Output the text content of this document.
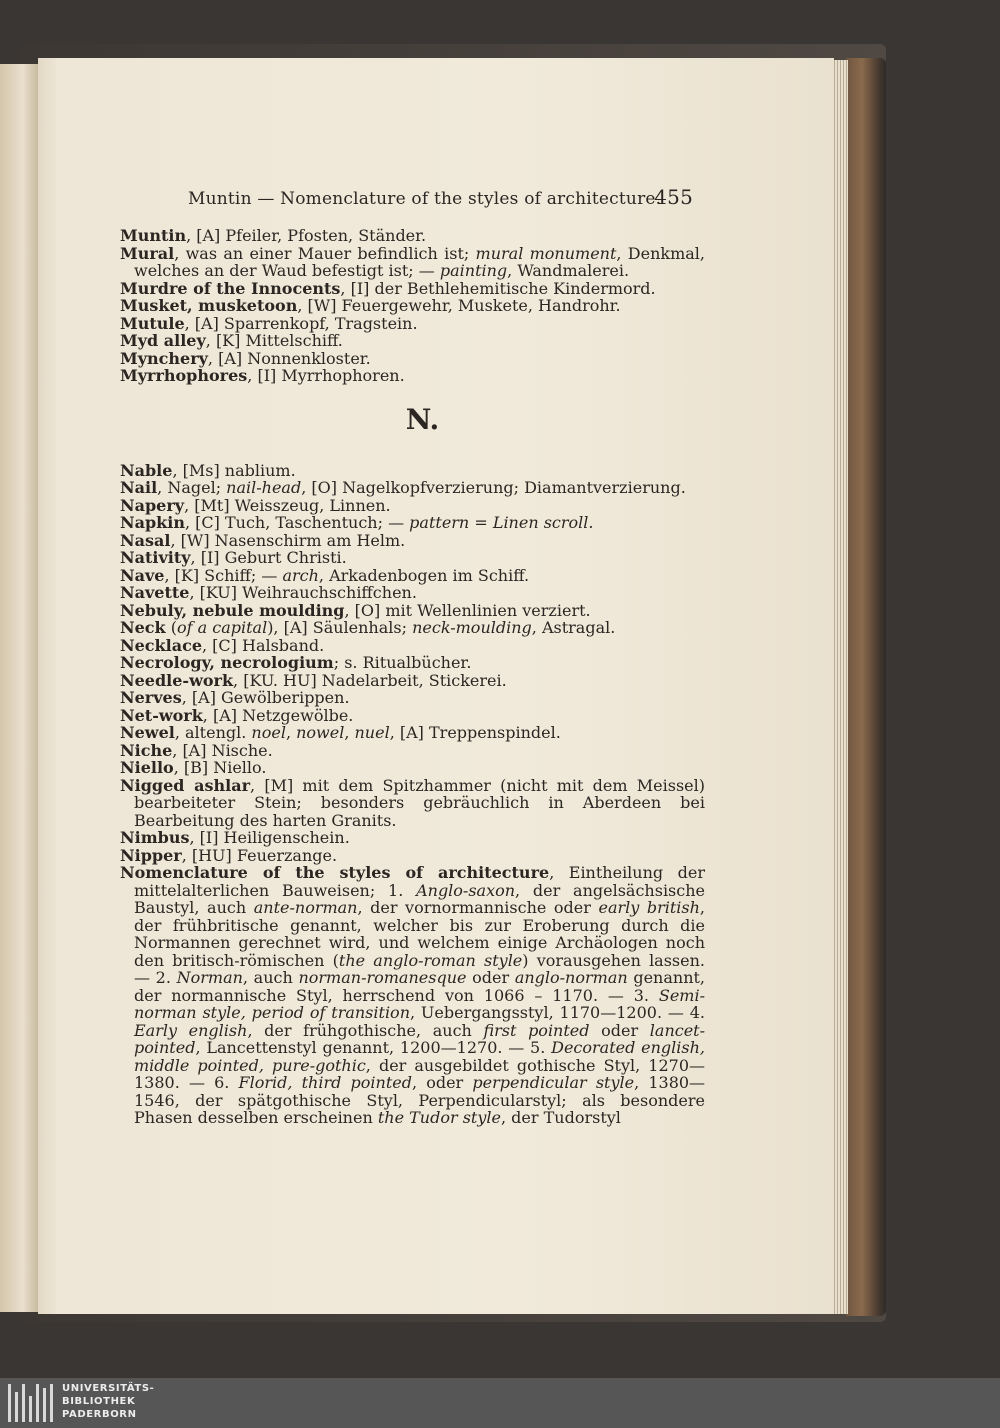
Muntin — Nomenclature of the styles of architecture.
455

Muntin, [A] Pfeiler, Pfosten, Ständer.

Mural, was an einer Mauer befindlich ist; mural monument, Denkmal, welches an der Waud befestigt ist; — painting, Wandmalerei.

Murdre of the Innocents, [I] der Bethlehemitische Kindermord.

Musket, musketoon, [W] Feuergewehr, Muskete, Handrohr.

Mutule, [A] Sparrenkopf, Tragstein.

Myd alley, [K] Mittelschiff.

Mynchery, [A] Nonnenkloster.

Myrrhophores, [I] Myrrhophoren.

N.

Nable, [Ms] nablium.

Nail, Nagel; nail-head, [O] Nagelkopfverzierung; Diamantverzierung.

Napery, [Mt] Weisszeug, Linnen.

Napkin, [C] Tuch, Taschentuch; — pattern = Linen scroll.

Nasal, [W] Nasenschirm am Helm.

Nativity, [I] Geburt Christi.

Nave, [K] Schiff; — arch, Arkadenbogen im Schiff.

Navette, [KU] Weihrauchschiffchen.

Nebuly, nebule moulding, [O] mit Wellenlinien verziert.

Neck (of a capital), [A] Säulenhals; neck-moulding, Astragal.

Necklace, [C] Halsband.

Necrology, necrologium; s. Ritualbücher.

Needle-work, [KU. HU] Nadelarbeit, Stickerei.

Nerves, [A] Gewölberippen.

Net-work, [A] Netzgewölbe.

Newel, altengl. noel, nowel, nuel, [A] Treppenspindel.

Niche, [A] Nische.

Niello, [B] Niello.

Nigged ashlar, [M] mit dem Spitzhammer (nicht mit dem Meissel) bearbeiteter Stein; besonders gebräuchlich in Aberdeen bei Bearbeitung des harten Granits.

Nimbus, [I] Heiligenschein.

Nipper, [HU] Feuerzange.

Nomenclature of the styles of architecture, Eintheilung der mittelalterlichen Bauweisen; 1. Anglo-saxon, der angelsächsische Baustyl, auch ante-norman, der vornormannische oder early british, der frühbritische genannt, welcher bis zur Eroberung durch die Normannen gerechnet wird, und welchem einige Archäologen noch den britisch-römischen (the anglo-roman style) vorausgehen lassen. — 2. Norman, auch norman-romanesque oder anglo-norman genannt, der normannische Styl, herrschend von 1066 – 1170. — 3. Semi-norman style, period of transition, Uebergangsstyl, 1170—1200. — 4. Early english, der frühgothische, auch first pointed oder lancet-pointed, Lancettenstyl genannt, 1200—1270. — 5. Decorated english, middle pointed, pure-gothic, der ausgebildet gothische Styl, 1270—1380. — 6. Florid, third pointed, oder perpendicular style, 1380—1546, der spätgothische Styl, Perpendicularstyl; als besondere Phasen desselben erscheinen the Tudor style, der Tudorstyl

UNIVERSITÄTS-
BIBLIOTHEK
PADERBORN
